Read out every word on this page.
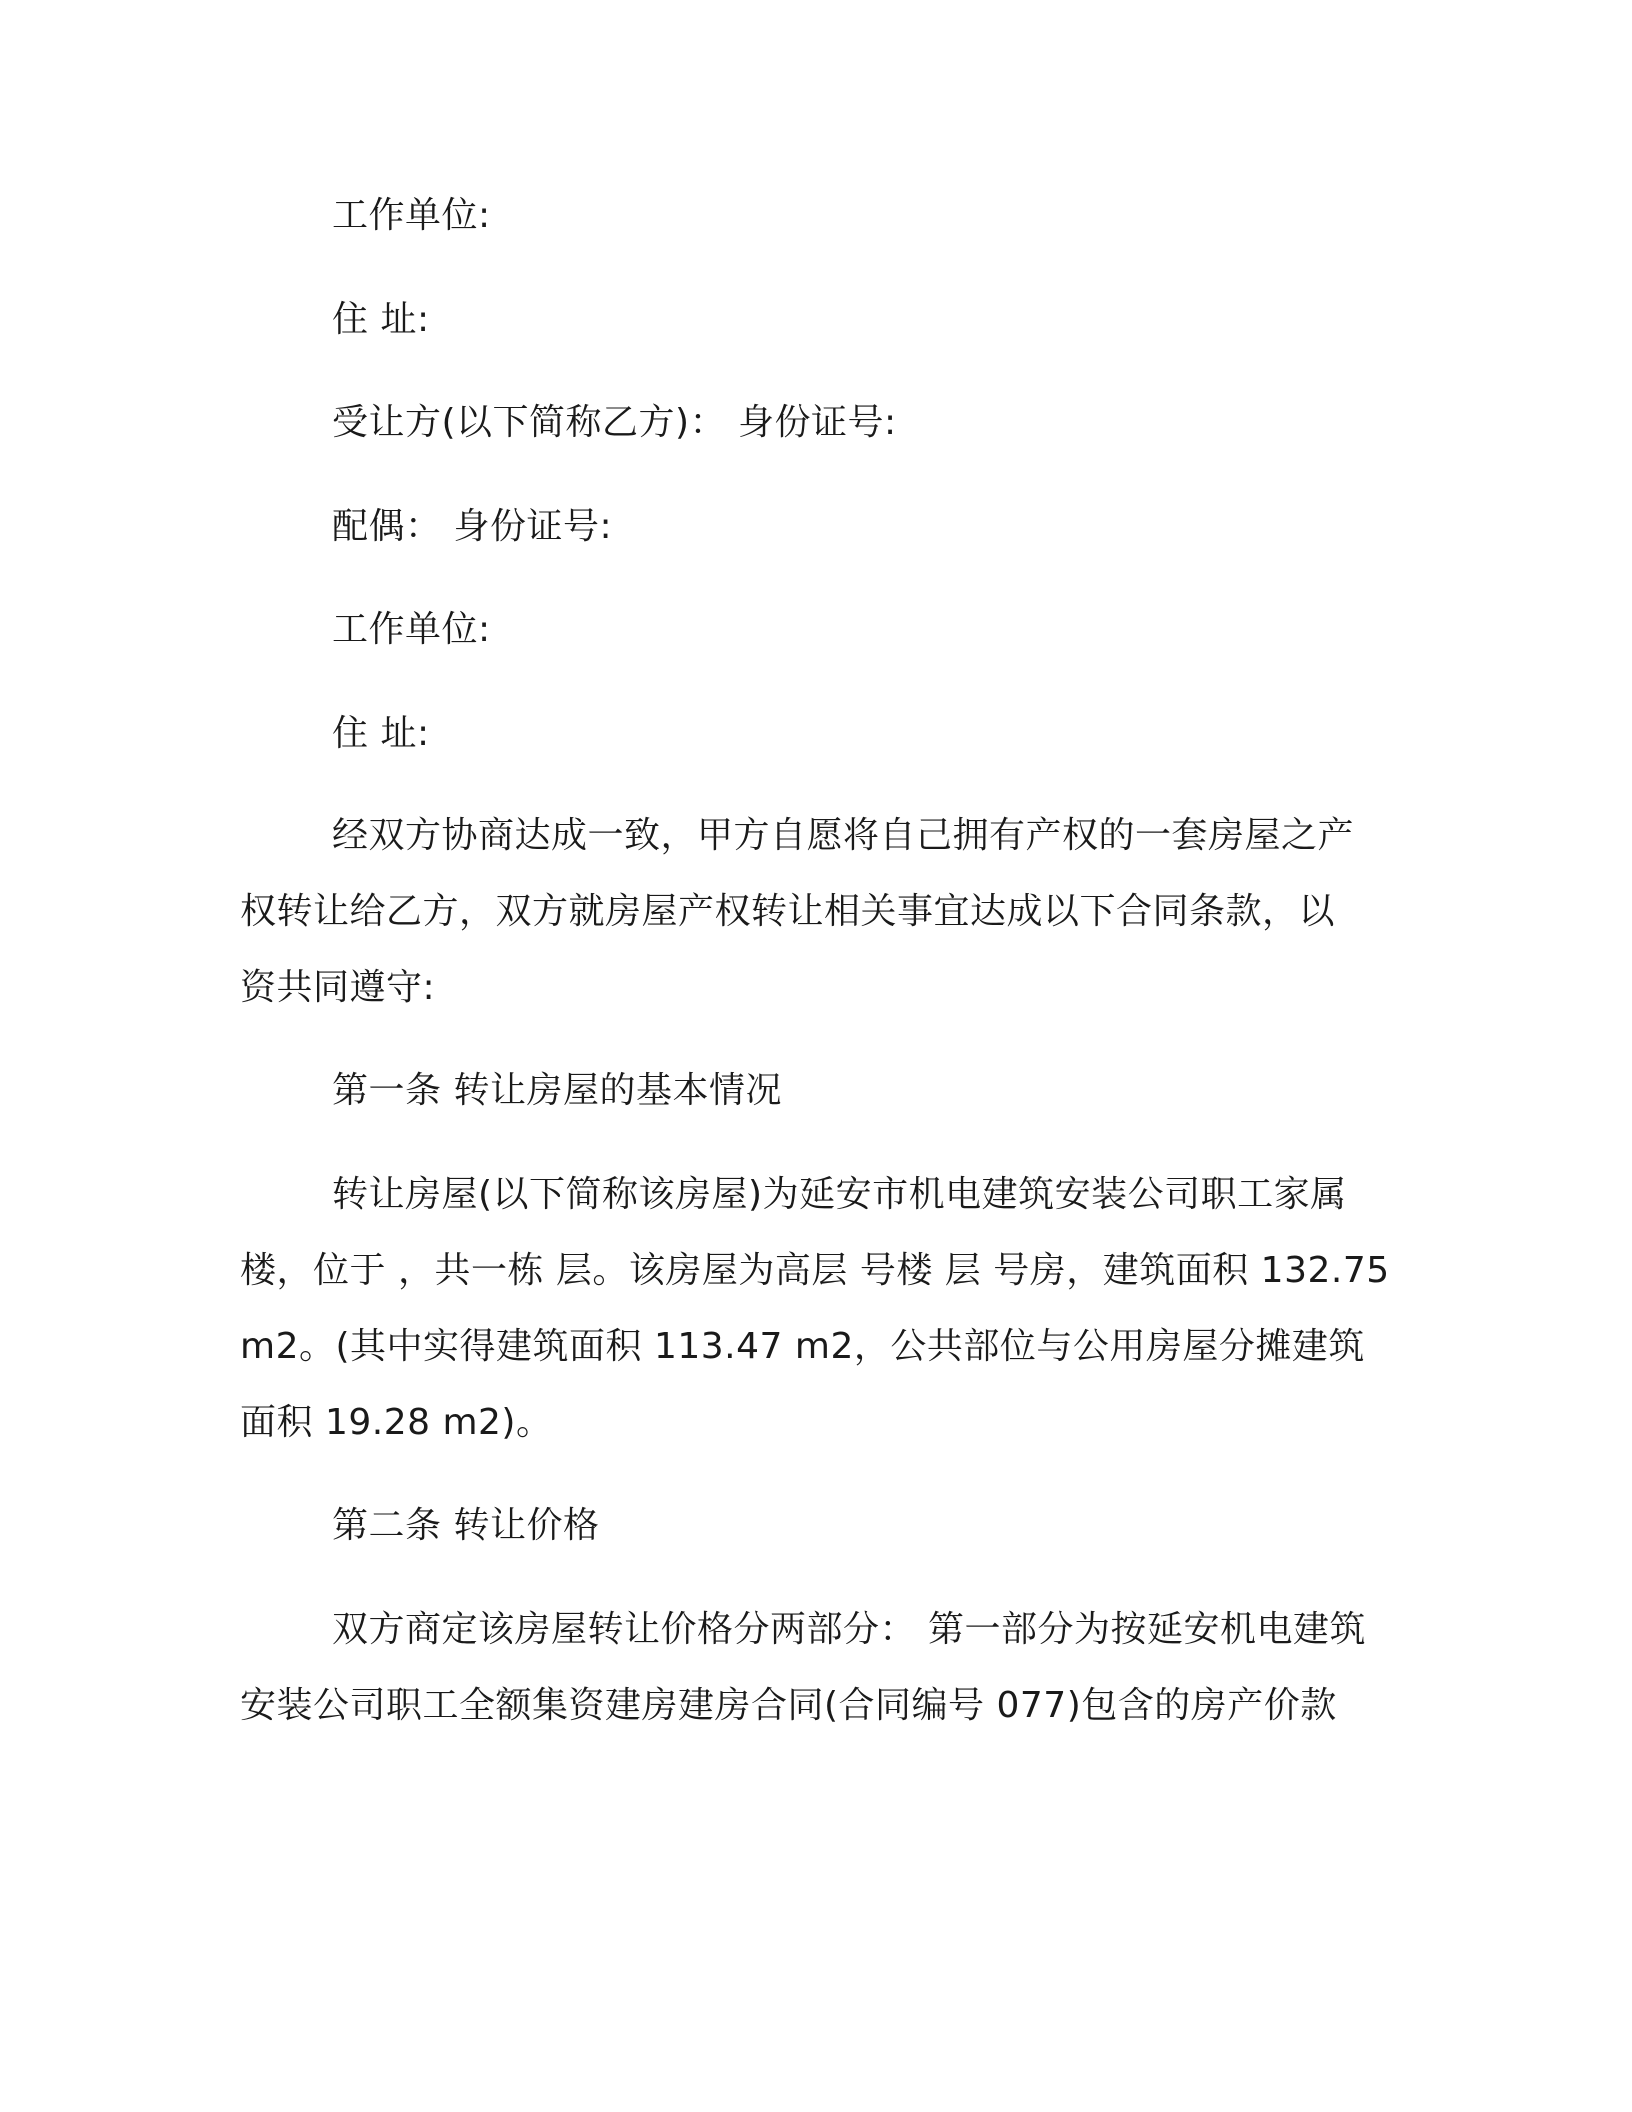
工作单位:
住 址:
受让方(以下简称乙方)： 身份证号:
配偶： 身份证号:
工作单位:
住 址:
经双方协商达成一致，甲方自愿将自己拥有产权的一套房屋之产
权转让给乙方，双方就房屋产权转让相关事宜达成以下合同条款，以
资共同遵守:
第一条 转让房屋的基本情况
转让房屋(以下简称该房屋)为延安市机电建筑安装公司职工家属
楼，位于 ，共一栋 层。该房屋为高层 号楼 层 号房，建筑面积 132.75
m2。(其中实得建筑面积 113.47 m2，公共部位与公用房屋分摊建筑
面积 19.28 m2)。
第二条 转让价格
双方商定该房屋转让价格分两部分： 第一部分为按延安机电建筑
安装公司职工全额集资建房建房合同(合同编号 077)包含的房产价款
